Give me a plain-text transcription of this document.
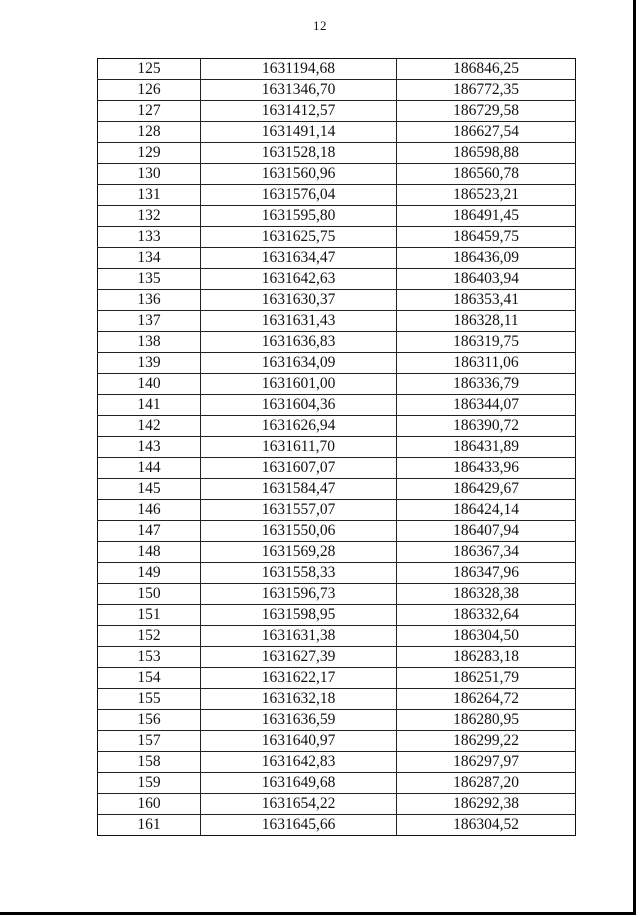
12
125	1631194,68	186846,25
126	1631346,70	186772,35
127	1631412,57	186729,58
128	1631491,14	186627,54
129	1631528,18	186598,88
130	1631560,96	186560,78
131	1631576,04	186523,21
132	1631595,80	186491,45
133	1631625,75	186459,75
134	1631634,47	186436,09
135	1631642,63	186403,94
136	1631630,37	186353,41
137	1631631,43	186328,11
138	1631636,83	186319,75
139	1631634,09	186311,06
140	1631601,00	186336,79
141	1631604,36	186344,07
142	1631626,94	186390,72
143	1631611,70	186431,89
144	1631607,07	186433,96
145	1631584,47	186429,67
146	1631557,07	186424,14
147	1631550,06	186407,94
148	1631569,28	186367,34
149	1631558,33	186347,96
150	1631596,73	186328,38
151	1631598,95	186332,64
152	1631631,38	186304,50
153	1631627,39	186283,18
154	1631622,17	186251,79
155	1631632,18	186264,72
156	1631636,59	186280,95
157	1631640,97	186299,22
158	1631642,83	186297,97
159	1631649,68	186287,20
160	1631654,22	186292,38
161	1631645,66	186304,52
